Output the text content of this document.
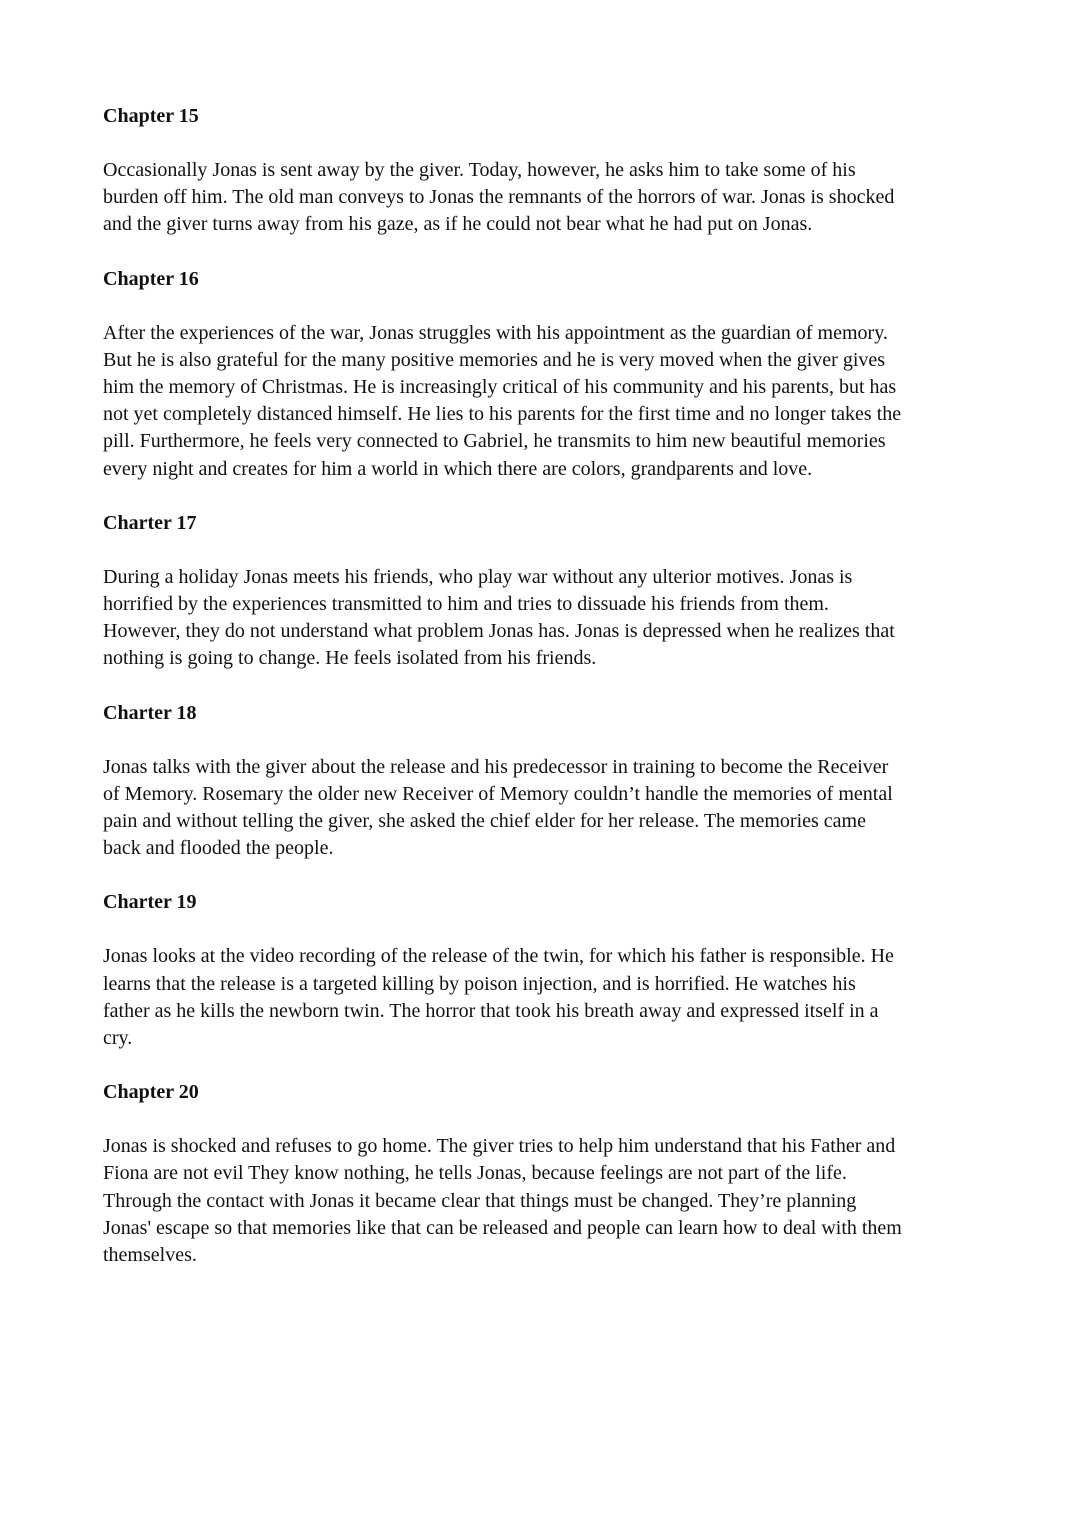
Chapter 15

Occasionally Jonas is sent away by the giver. Today, however, he asks him to take some of his
burden off him. The old man conveys to Jonas the remnants of the horrors of war. Jonas is shocked
and the giver turns away from his gaze, as if he could not bear what he had put on Jonas.

Chapter 16

After the experiences of the war, Jonas struggles with his appointment as the guardian of memory.
But he is also grateful for the many positive memories and he is very moved when the giver gives
him the memory of Christmas. He is increasingly critical of his community and his parents, but has
not yet completely distanced himself. He lies to his parents for the first time and no longer takes the
pill. Furthermore, he feels very connected to Gabriel, he transmits to him new beautiful memories
every night and creates for him a world in which there are colors, grandparents and love.

Charter 17

During a holiday Jonas meets his friends, who play war without any ulterior motives. Jonas is
horrified by the experiences transmitted to him and tries to dissuade his friends from them.
However, they do not understand what problem Jonas has. Jonas is depressed when he realizes that
nothing is going to change. He feels isolated from his friends.

Charter 18

Jonas talks with the giver about the release and his predecessor in training to become the Receiver
of Memory. Rosemary the older new Receiver of Memory couldn’t handle the memories of mental
pain and without telling the giver, she asked the chief elder for her release. The memories came
back and flooded the people.

Charter 19

Jonas looks at the video recording of the release of the twin, for which his father is responsible. He
learns that the release is a targeted killing by poison injection, and is horrified. He watches his
father as he kills the newborn twin. The horror that took his breath away and expressed itself in a
cry.

Chapter 20

Jonas is shocked and refuses to go home. The giver tries to help him understand that his Father and
Fiona are not evil They know nothing, he tells Jonas, because feelings are not part of the life.
Through the contact with Jonas it became clear that things must be changed. They’re planning
Jonas' escape so that memories like that can be released and people can learn how to deal with them
themselves.
